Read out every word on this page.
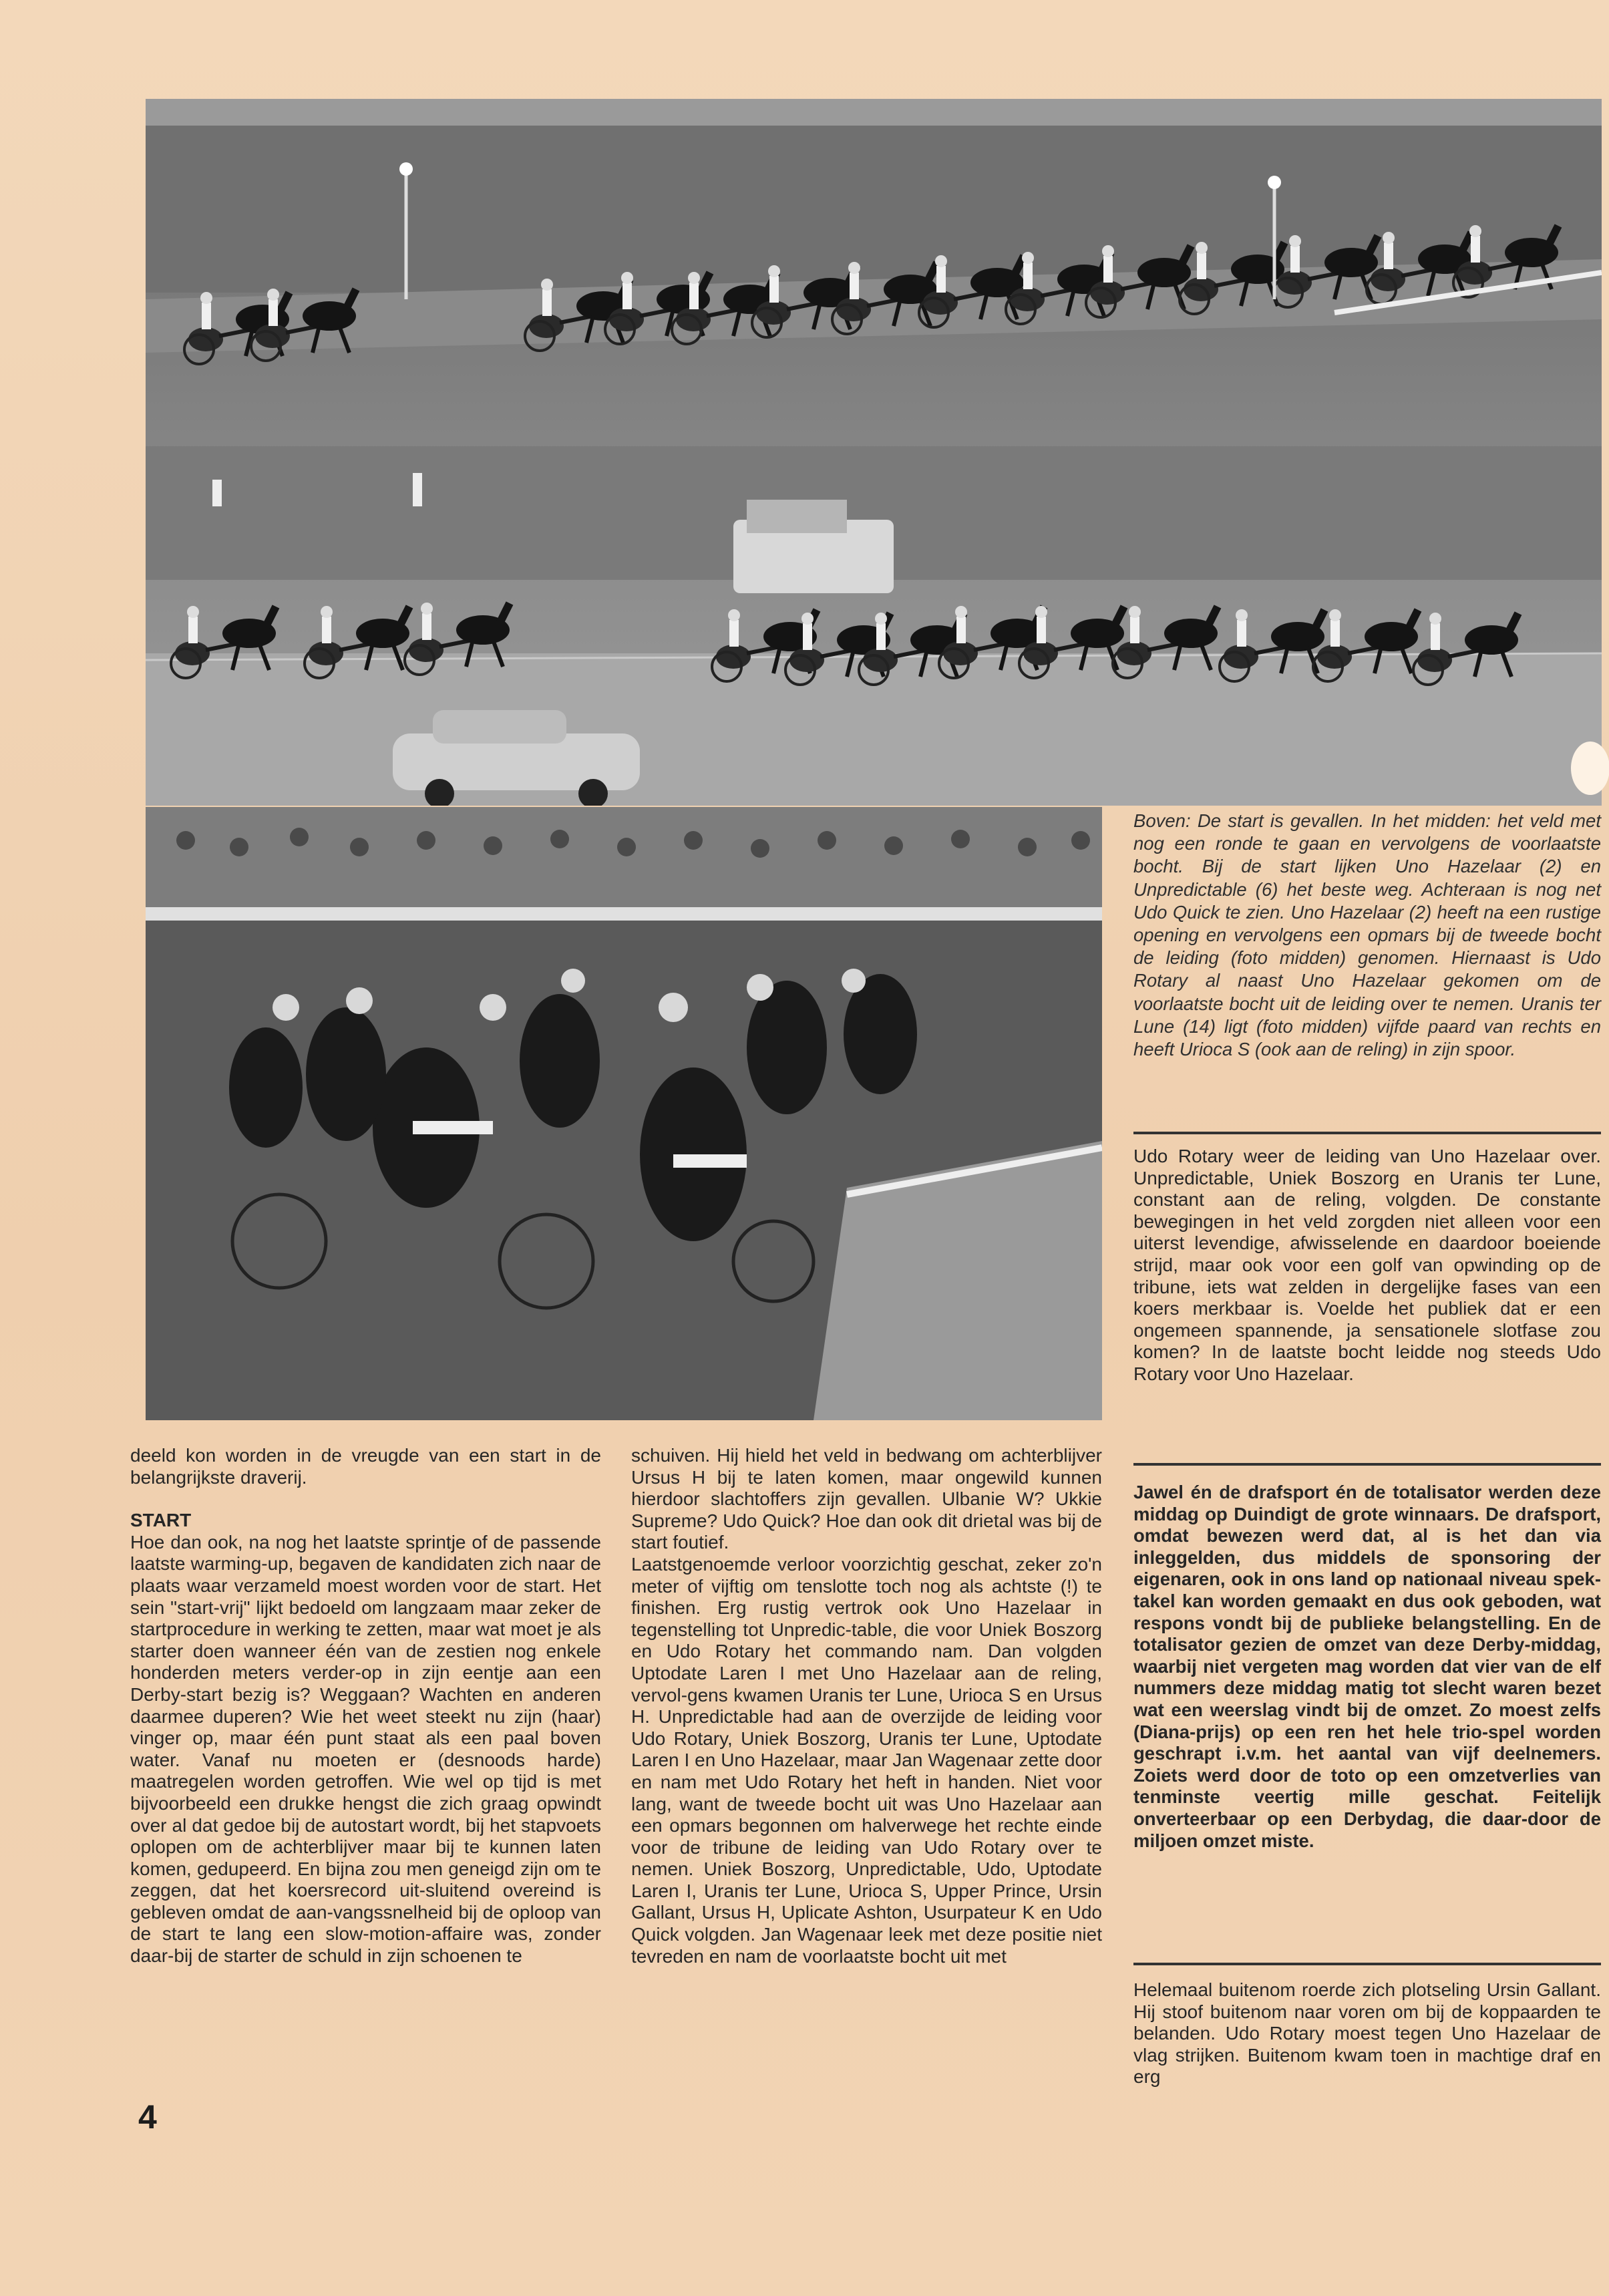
Boven: De start is gevallen. In het midden: het veld met nog een ronde te gaan en vervolgens de voorlaatste bocht. Bij de start lijken Uno Hazelaar (2) en Unpredictable (6) het beste weg. Achteraan is nog net Udo Quick te zien. Uno Hazelaar (2) heeft na een rustige opening en vervolgens een opmars bij de tweede bocht de leiding (foto midden) genomen. Hiernaast is Udo Rotary al naast Uno Hazelaar gekomen om de voorlaatste bocht uit de leiding over te nemen. Uranis ter Lune (14) ligt (foto midden) vijfde paard van rechts en heeft Urioca S (ook aan de reling) in zijn spoor.

Udo Rotary weer de leiding van Uno Hazelaar over. Unpredictable, Uniek Boszorg en Uranis ter Lune, constant aan de reling, volgden. De constante bewegingen in het veld zorgden niet alleen voor een uiterst levendige, afwisselende en daardoor boeiende strijd, maar ook voor een golf van opwinding op de tribune, iets wat zelden in dergelijke fases van een koers merkbaar is. Voelde het publiek dat er een ongemeen spannende, ja sensationele slotfase zou komen? In de laatste bocht leidde nog steeds Udo Rotary voor Uno Hazelaar.

deeld kon worden in de vreugde van een start in de belangrijkste draverij.

START

Hoe dan ook, na nog het laatste sprintje of de passende laatste warming-up, begaven de kandidaten zich naar de plaats waar verzameld moest worden voor de start. Het sein "start-vrij" lijkt bedoeld om langzaam maar zeker de startprocedure in werking te zetten, maar wat moet je als starter doen wanneer één van de zestien nog enkele honderden meters verder-op in zijn eentje aan een Derby-start bezig is? Weggaan? Wachten en anderen daarmee duperen? Wie het weet steekt nu zijn (haar) vinger op, maar één punt staat als een paal boven water. Vanaf nu moeten er (desnoods harde) maatregelen worden getroffen. Wie wel op tijd is met bijvoorbeeld een drukke hengst die zich graag opwindt over al dat gedoe bij de autostart wordt, bij het stapvoets oplopen om de achterblijver maar bij te kunnen laten komen, gedupeerd. En bijna zou men geneigd zijn om te zeggen, dat het koersrecord uit-sluitend overeind is gebleven omdat de aan-vangssnelheid bij de oploop van de start te lang een slow-motion-affaire was, zonder daar-bij de starter de schuld in zijn schoenen te

schuiven. Hij hield het veld in bedwang om achterblijver Ursus H bij te laten komen, maar ongewild kunnen hierdoor slachtoffers zijn gevallen. Ulbanie W? Ukkie Supreme? Udo Quick? Hoe dan ook dit drietal was bij de start foutief.

Laatstgenoemde verloor voorzichtig geschat, zeker zo'n meter of vijftig om tenslotte toch nog als achtste (!) te finishen. Erg rustig vertrok ook Uno Hazelaar in tegenstelling tot Unpredic-table, die voor Uniek Boszorg en Udo Rotary het commando nam. Dan volgden Uptodate Laren I met Uno Hazelaar aan de reling, vervol-gens kwamen Uranis ter Lune, Urioca S en Ursus H. Unpredictable had aan de overzijde de leiding voor Udo Rotary, Uniek Boszorg, Uranis ter Lune, Uptodate Laren I en Uno Hazelaar, maar Jan Wagenaar zette door en nam met Udo Rotary het heft in handen. Niet voor lang, want de tweede bocht uit was Uno Hazelaar aan een opmars begonnen om halverwege het rechte einde voor de tribune de leiding van Udo Rotary over te nemen. Uniek Boszorg, Unpredictable, Udo, Uptodate Laren I, Uranis ter Lune, Urioca S, Upper Prince, Ursin Gallant, Ursus H, Uplicate Ashton, Usurpateur K en Udo Quick volgden. Jan Wagenaar leek met deze positie niet tevreden en nam de voorlaatste bocht uit met

Jawel én de drafsport én de totalisator werden deze middag op Duindigt de grote winnaars. De drafsport, omdat bewezen werd dat, al is het dan via inleggelden, dus middels de sponsoring der eigenaren, ook in ons land op nationaal niveau spek-takel kan worden gemaakt en dus ook geboden, wat respons vondt bij de publieke belangstelling. En de totalisator gezien de omzet van deze Derby-middag, waarbij niet vergeten mag worden dat vier van de elf nummers deze middag matig tot slecht waren bezet wat een weerslag vindt bij de omzet. Zo moest zelfs (Diana-prijs) op een ren het hele trio-spel worden geschrapt i.v.m. het aantal van vijf deelnemers. Zoiets werd door de toto op een omzetverlies van tenminste veertig mille geschat. Feitelijk onverteerbaar op een Derbydag, die daar-door de miljoen omzet miste.

Helemaal buitenom roerde zich plotseling Ursin Gallant. Hij stoof buitenom naar voren om bij de koppaarden te belanden. Udo Rotary moest tegen Uno Hazelaar de vlag strijken. Buitenom kwam toen in machtige draf en erg

4
